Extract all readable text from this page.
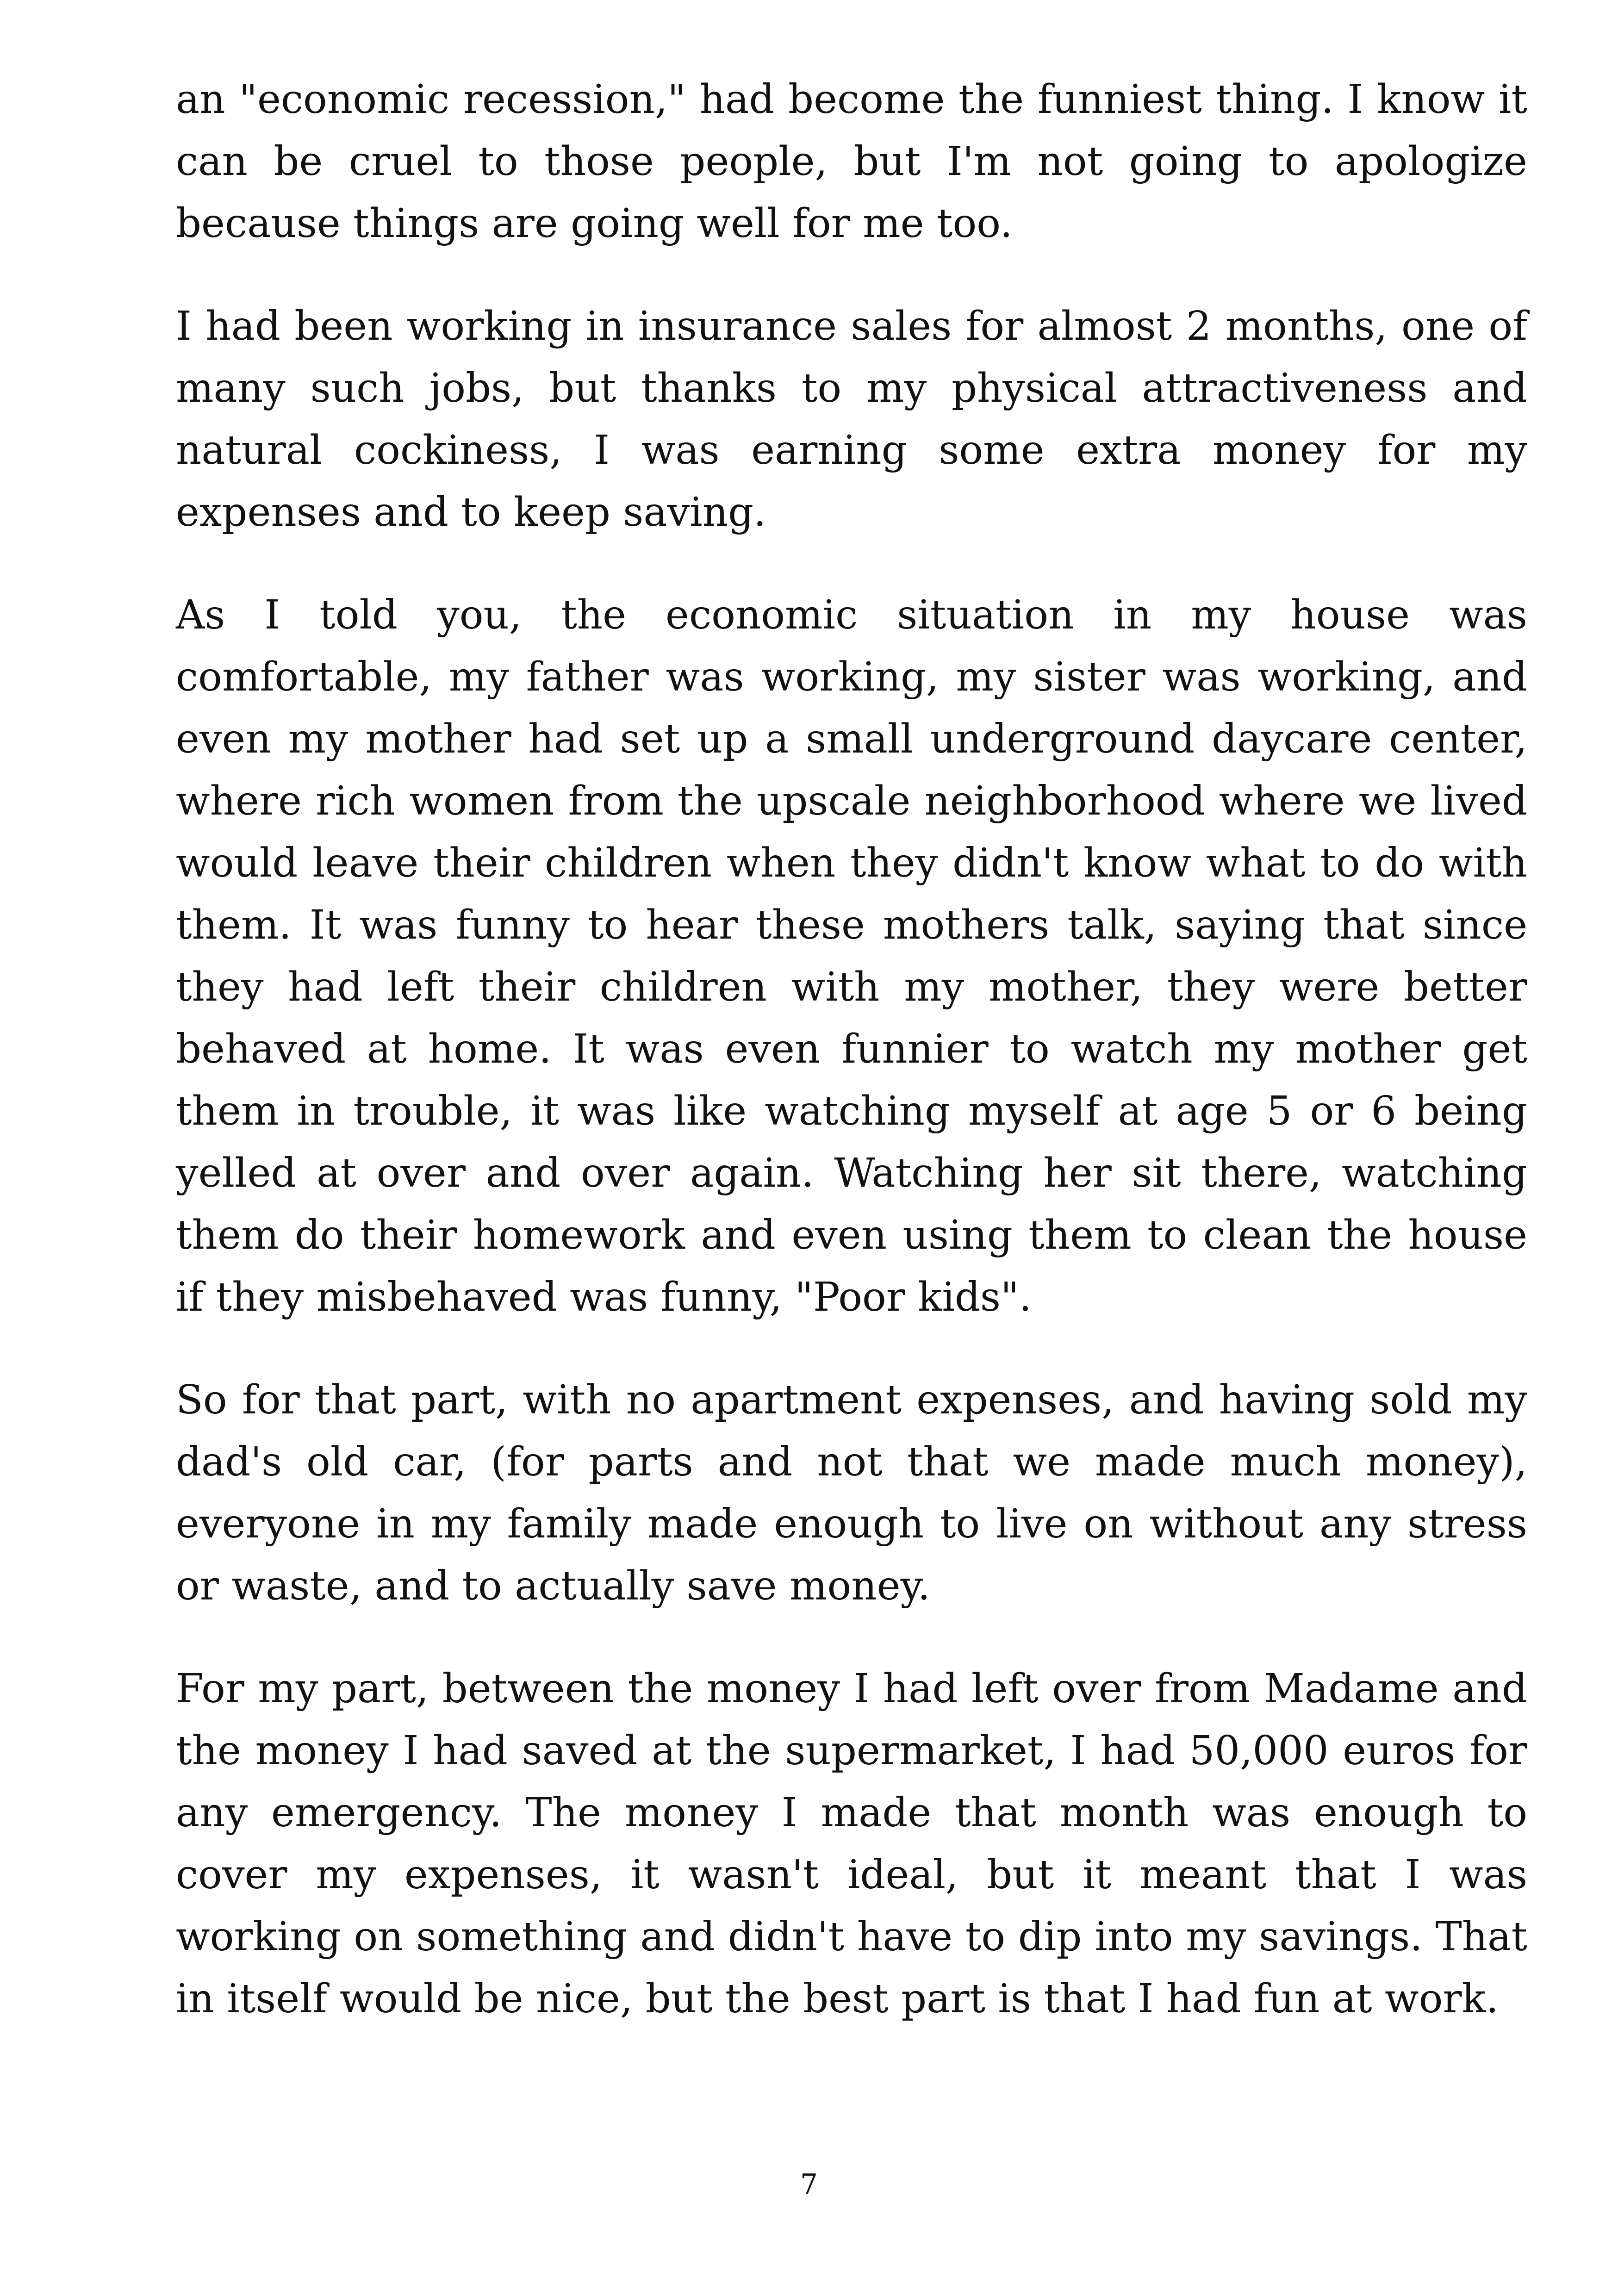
an "economic recession," had become the funniest thing. I know it can be cruel to those people, but I'm not going to apologize because things are going well for me too.

I had been working in insurance sales for almost 2 months, one of many such jobs, but thanks to my physical attractiveness and natural cockiness, I was earning some extra money for my expenses and to keep saving.

As I told you, the economic situation in my house was comfortable, my father was working, my sister was working, and even my mother had set up a small underground daycare center, where rich women from the upscale neighborhood where we lived would leave their children when they didn't know what to do with them. It was funny to hear these mothers talk, saying that since they had left their children with my mother, they were better behaved at home. It was even funnier to watch my mother get them in trouble, it was like watching myself at age 5 or 6 being yelled at over and over again. Watching her sit there, watching them do their homework and even using them to clean the house if they misbehaved was funny, "Poor kids".

So for that part, with no apartment expenses, and having sold my dad's old car, (for parts and not that we made much money), everyone in my family made enough to live on without any stress or waste, and to actually save money.

For my part, between the money I had left over from Madame and the money I had saved at the supermarket, I had 50,000 euros for any emergency. The money I made that month was enough to cover my expenses, it wasn't ideal, but it meant that I was working on something and didn't have to dip into my savings. That in itself would be nice, but the best part is that I had fun at work.

7
